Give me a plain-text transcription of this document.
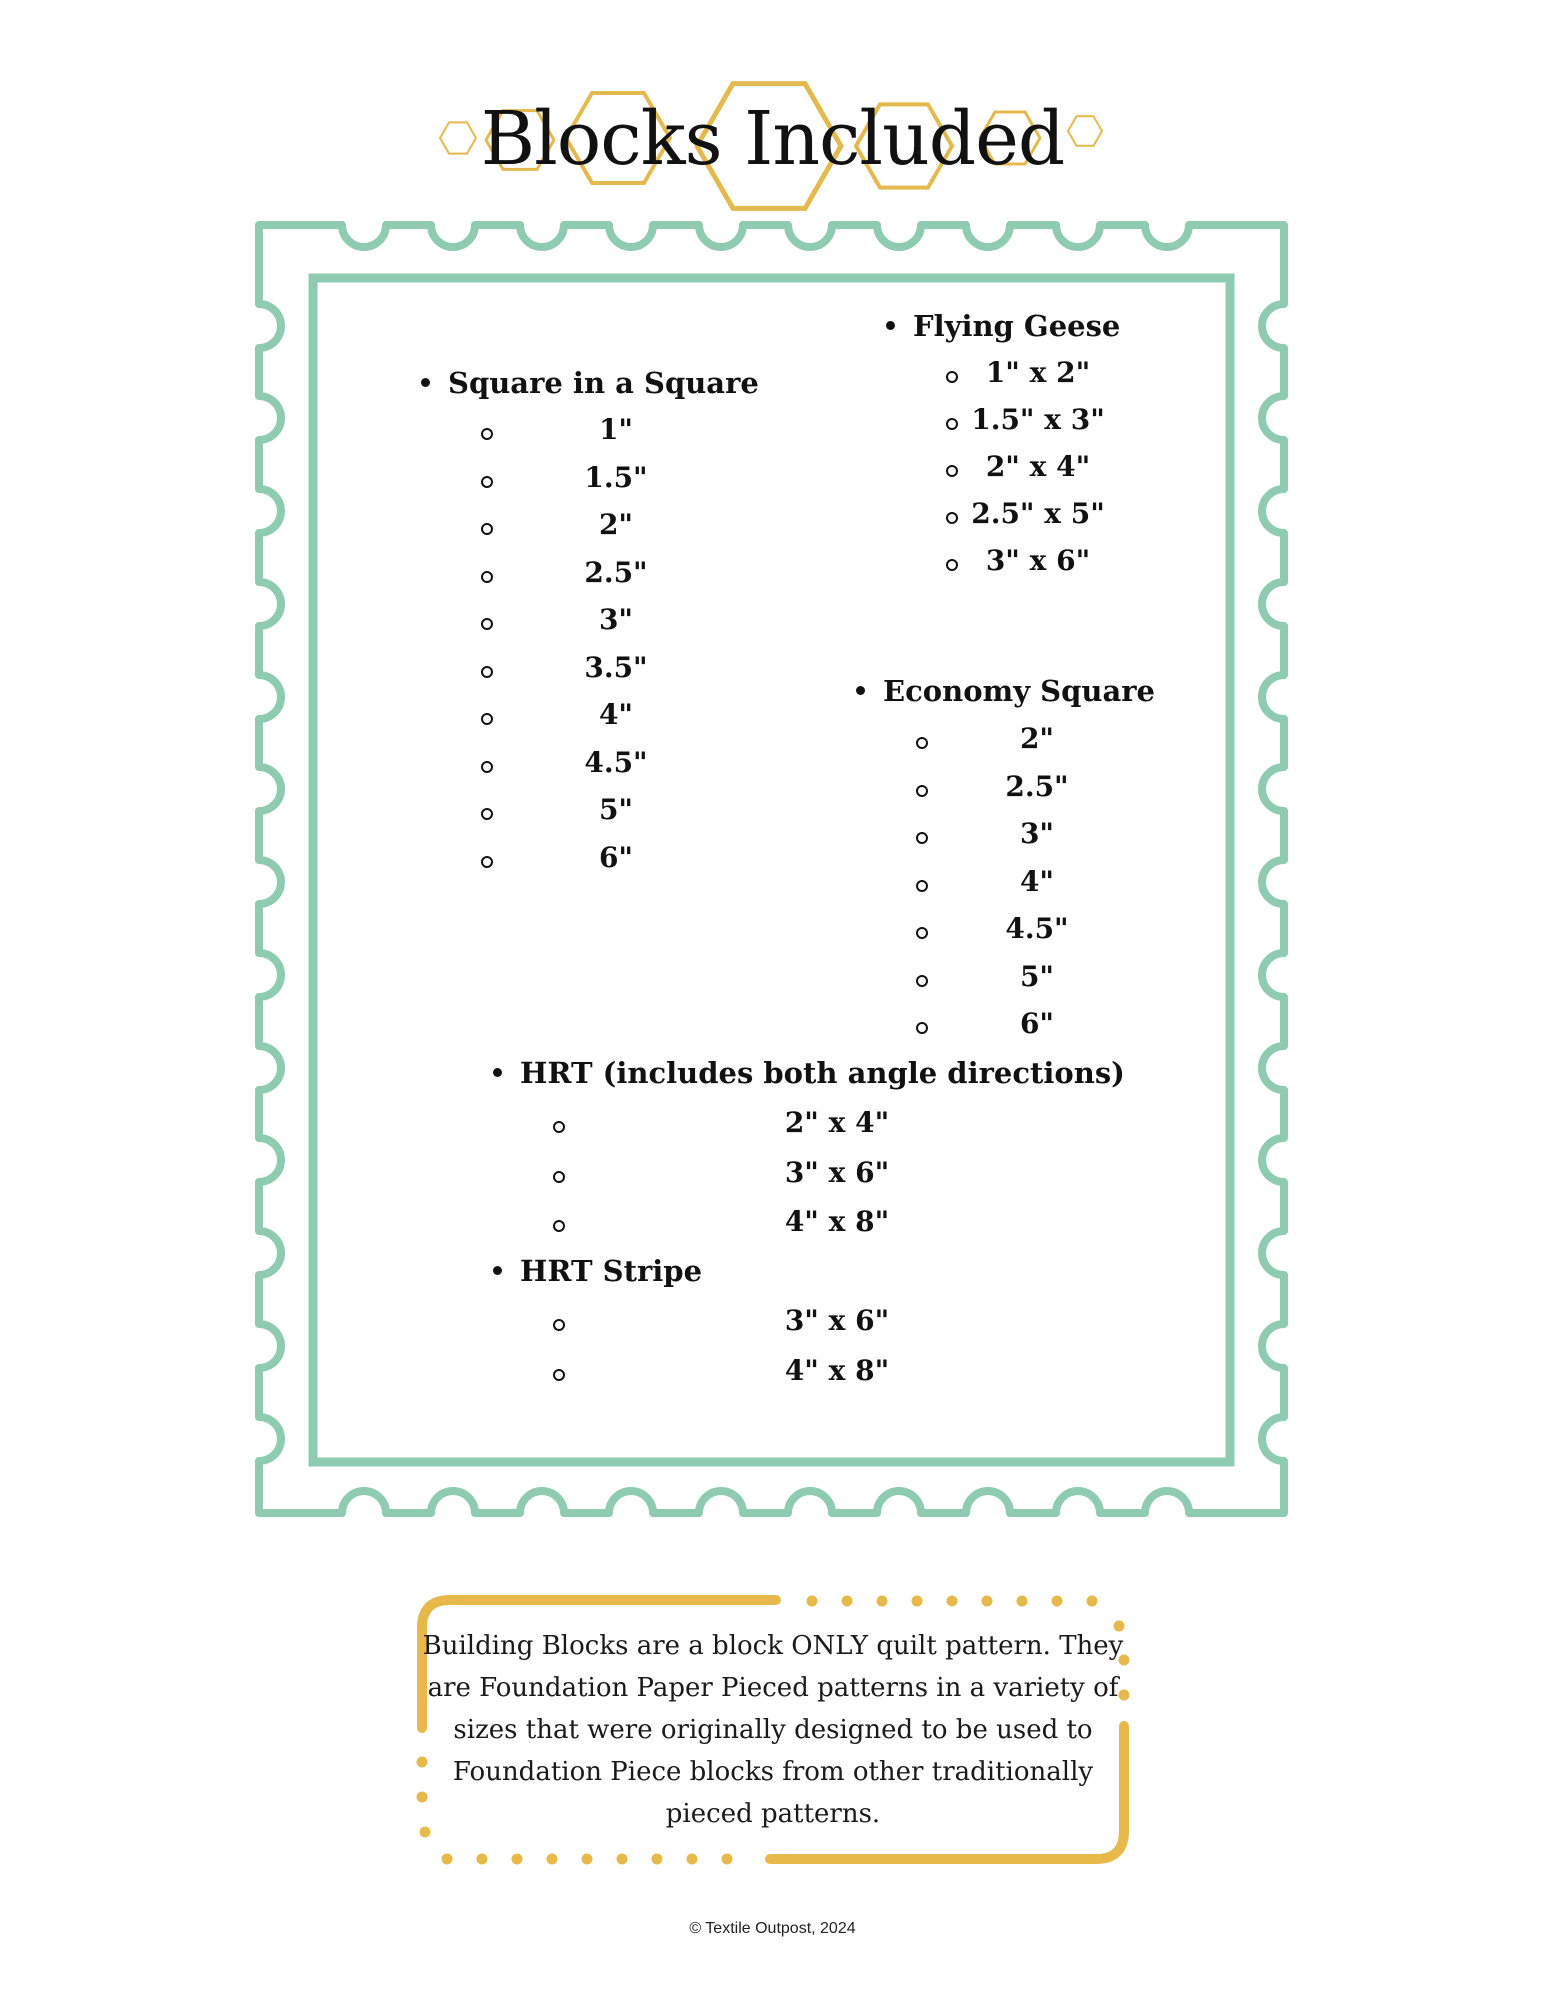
Blocks Included
Square in a Square
1"
1.5"
2"
2.5"
3"
3.5"
4"
4.5"
5"
6"
Flying Geese
1" x 2"
1.5" x 3"
2" x 4"
2.5" x 5"
3" x 6"
Economy Square
2"
2.5"
3"
4"
4.5"
5"
6"
HRT (includes both angle directions)
2" x 4"
3" x 6"
4" x 8"
HRT Stripe
3" x 6"
4" x 8"

Building Blocks are a block ONLY quilt pattern. They are Foundation Paper Pieced patterns in a variety of sizes that were originally designed to be used to Foundation Piece blocks from other traditionally pieced patterns.

© Textile Outpost, 2024
